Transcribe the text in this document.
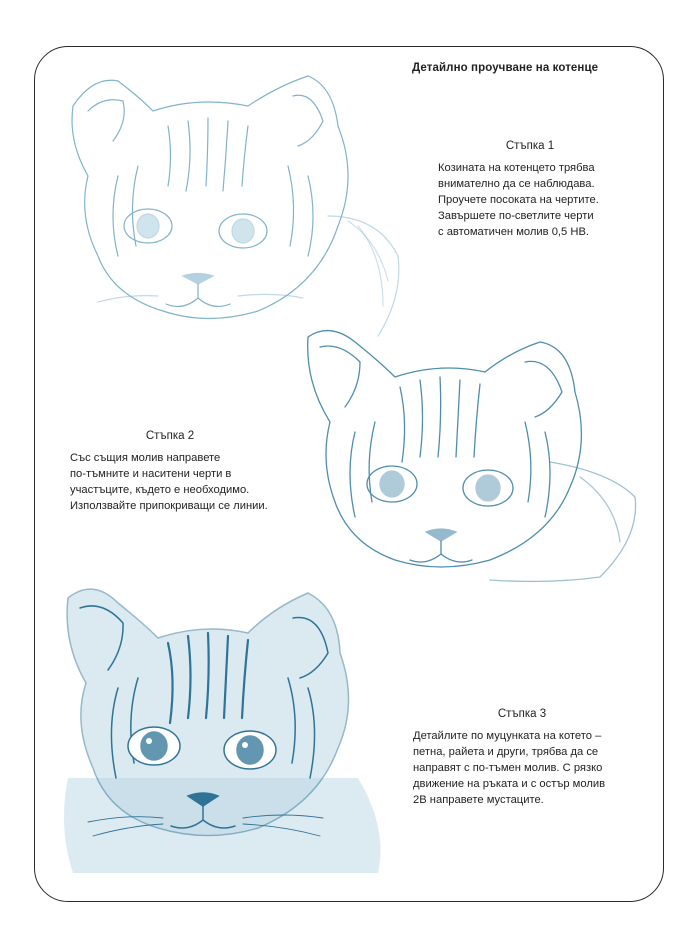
Детайлно проучване на котенце
Стъпка 1
Козината на котенцето трябва
внимателно да се наблюдава.
Проучете посоката на чертите.
Завършете по-светлите черти
с автоматичен молив 0,5 HB.
Стъпка 2
Със същия молив направете
по-тъмните и наситени черти в
участъците, където е необходимо.
Използвайте припокриващи се линии.
Стъпка 3
Детайлите по муцунката на котето –
петна, райета и други, трябва да се
направят с по-тъмен молив. С рязко
движение на ръката и с остър молив
2B направете мустаците.
